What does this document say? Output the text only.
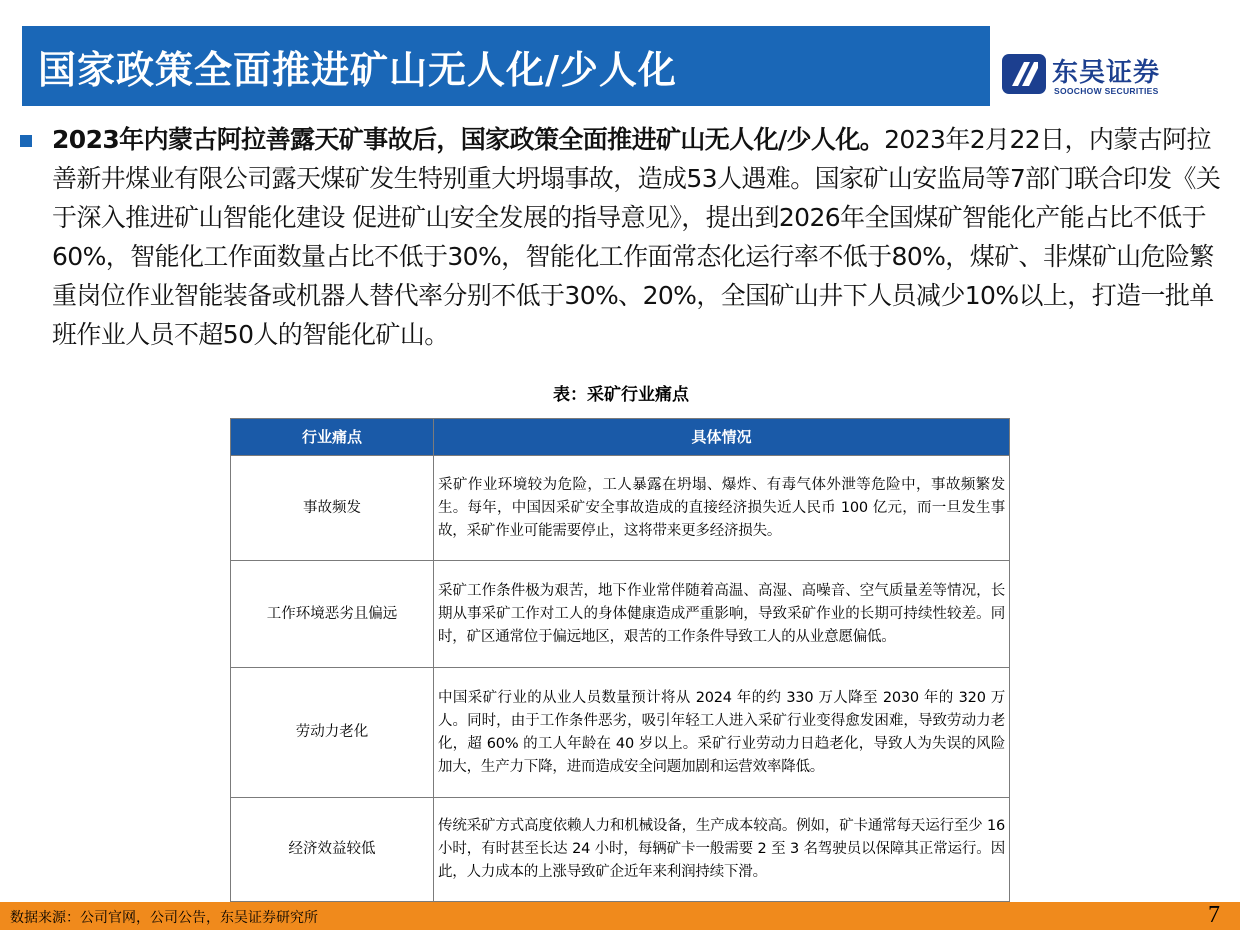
国家政策全面推进矿山无人化/少人化	东吴证券
SOOCHOW SECURITIES
2023年内蒙古阿拉善露天矿事故后，国家政策全面推进矿山无人化/少人化。2023年2月22日，内蒙古阿拉善新井煤业有限公司露天煤矿发生特别重大坍塌事故，造成53人遇难。国家矿山安监局等7部门联合印发《关于深入推进矿山智能化建设 促进矿山安全发展的指导意见》，提出到2026年全国煤矿智能化产能占比不低于60%，智能化工作面数量占比不低于30%，智能化工作面常态化运行率不低于80%，煤矿、非煤矿山危险繁重岗位作业智能装备或机器人替代率分别不低于30%、20%，全国矿山井下人员减少10%以上，打造一批单班作业人员不超50人的智能化矿山。
表：采矿行业痛点
行业痛点	具体情况
事故频发	采矿作业环境较为危险，工人暴露在坍塌、爆炸、有毒气体外泄等危险中，事故频繁发生。每年，中国因采矿安全事故造成的直接经济损失近人民币 100 亿元，而一旦发生事故，采矿作业可能需要停止，这将带来更多经济损失。
工作环境恶劣且偏远	采矿工作条件极为艰苦，地下作业常伴随着高温、高湿、高噪音、空气质量差等情况，长期从事采矿工作对工人的身体健康造成严重影响，导致采矿作业的长期可持续性较差。同时，矿区通常位于偏远地区，艰苦的工作条件导致工人的从业意愿偏低。
劳动力老化	中国采矿行业的从业人员数量预计将从 2024 年的约 330 万人降至 2030 年的 320 万人。同时，由于工作条件恶劣，吸引年轻工人进入采矿行业变得愈发困难，导致劳动力老化，超 60% 的工人年龄在 40 岁以上。采矿行业劳动力日趋老化，导致人为失误的风险加大，生产力下降，进而造成安全问题加剧和运营效率降低。
经济效益较低	传统采矿方式高度依赖人力和机械设备，生产成本较高。例如，矿卡通常每天运行至少 16 小时，有时甚至长达 24 小时，每辆矿卡一般需要 2 至 3 名驾驶员以保障其正常运行。因此，人力成本的上涨导致矿企近年来利润持续下滑。
数据来源：公司官网，公司公告，东吴证券研究所	7
